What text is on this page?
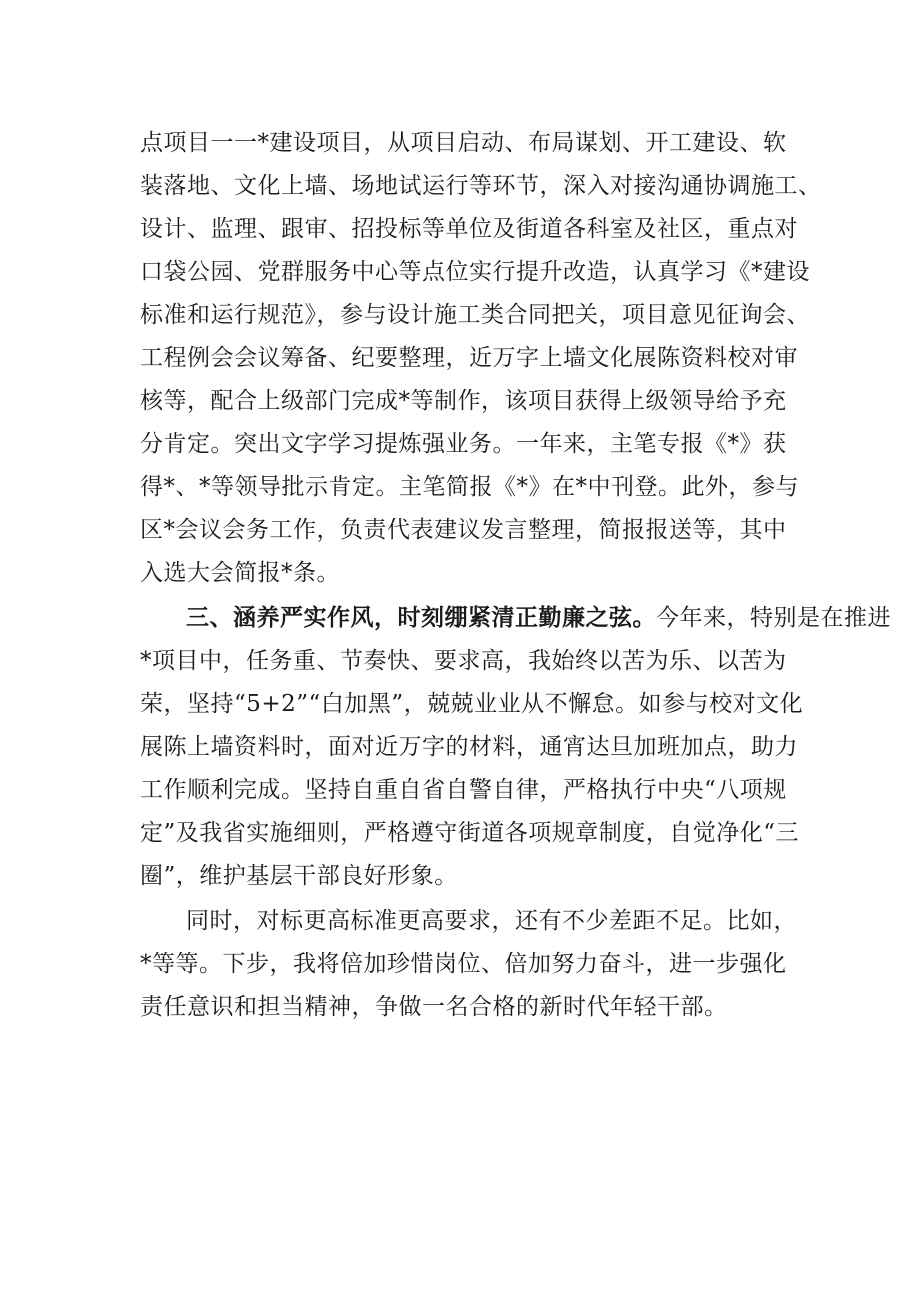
点项目一一*建设项目，从项目启动、布局谋划、开工建设、软
装落地、文化上墙、场地试运行等环节，深入对接沟通协调施工、
设计、监理、跟审、招投标等单位及街道各科室及社区，重点对
口袋公园、党群服务中心等点位实行提升改造，认真学习《*建设
标准和运行规范》，参与设计施工类合同把关，项目意见征询会、
工程例会会议筹备、纪要整理，近万字上墙文化展陈资料校对审
核等，配合上级部门完成*等制作，该项目获得上级领导给予充
分肯定。突出文字学习提炼强业务。一年来，主笔专报《*》获
得*、*等领导批示肯定。主笔简报《*》在*中刊登。此外，参与
区*会议会务工作，负责代表建议发言整理，简报报送等，其中
入选大会简报*条。
三、涵养严实作风，时刻绷紧清正勤廉之弦。今年来，特别是在推进
*项目中，任务重、节奏快、要求高，我始终以苦为乐、以苦为
荣，坚持“5+2”“白加黑”，兢兢业业从不懈怠。如参与校对文化
展陈上墙资料时，面对近万字的材料，通宵达旦加班加点，助力
工作顺利完成。坚持自重自省自警自律，严格执行中央“八项规
定”及我省实施细则，严格遵守街道各项规章制度，自觉净化“三
圈”，维护基层干部良好形象。
同时，对标更高标准更高要求，还有不少差距不足。比如，
*等等。下步，我将倍加珍惜岗位、倍加努力奋斗，进一步强化
责任意识和担当精神，争做一名合格的新时代年轻干部。
